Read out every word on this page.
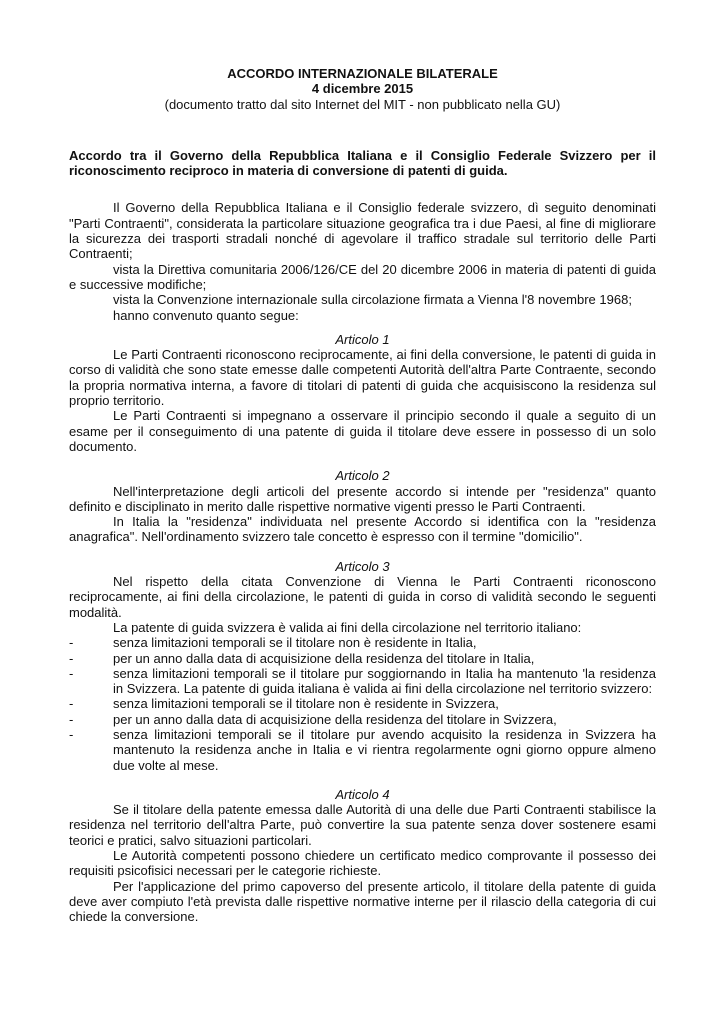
ACCORDO INTERNAZIONALE BILATERALE
4 dicembre 2015
(documento tratto dal sito Internet del MIT - non pubblicato nella GU)

Accordo tra il Governo della Repubblica Italiana e il Consiglio Federale Svizzero per il riconoscimento reciproco in materia di conversione di patenti di guida.

Il Governo della Repubblica Italiana e il Consiglio federale svizzero, dì seguito denominati "Parti Contraenti", considerata la particolare situazione geografica tra i due Paesi, al fine di migliorare la sicurezza dei trasporti stradali nonché di agevolare il traffico stradale sul territorio delle Parti Contraenti;

vista la Direttiva comunitaria 2006/126/CE del 20 dicembre 2006 in materia di patenti di guida e successive modifiche;

vista la Convenzione internazionale sulla circolazione firmata a Vienna l'8 novembre 1968;

hanno convenuto quanto segue:

Articolo 1

Le Parti Contraenti riconoscono reciprocamente, ai fini della conversione, le patenti di guida in corso di validità che sono state emesse dalle competenti Autorità dell'altra Parte Contraente, secondo la propria normativa interna, a favore di titolari di patenti di guida che acquisiscono la residenza sul proprio territorio.

Le Parti Contraenti si impegnano a osservare il principio secondo il quale a seguito di un esame per il conseguimento di una patente di guida il titolare deve essere in possesso di un solo documento.

Articolo 2

Nell'interpretazione degli articoli del presente accordo si intende per "residenza" quanto definito e disciplinato in merito dalle rispettive normative vigenti presso le Parti Contraenti.

In Italia la "residenza" individuata nel presente Accordo si identifica con la "residenza anagrafica". Nell'ordinamento svizzero tale concetto è espresso con il termine "domicilio".

Articolo 3

Nel rispetto della citata Convenzione di Vienna le Parti Contraenti riconoscono reciprocamente, ai fini della circolazione, le patenti di guida in corso di validità secondo le seguenti modalità.

La patente di guida svizzera è valida ai fini della circolazione nel territorio italiano:

-	senza limitazioni temporali se il titolare non è residente in Italia,
-	per un anno dalla data di acquisizione della residenza del titolare in Italia,
-	senza limitazioni temporali se il titolare pur soggiornando in Italia ha mantenuto 'la residenza in Svizzera. La patente di guida italiana è valida ai fini della circolazione nel territorio svizzero:
-	senza limitazioni temporali se il titolare non è residente in Svizzera,
-	per un anno dalla data di acquisizione della residenza del titolare in Svizzera,
-	senza limitazioni temporali se il titolare pur avendo acquisito la residenza in Svizzera ha mantenuto la residenza anche in Italia e vi rientra regolarmente ogni giorno oppure almeno due volte al mese.

Articolo 4

Se il titolare della patente emessa dalle Autorità di una delle due Parti Contraenti stabilisce la residenza nel territorio dell'altra Parte, può convertire la sua patente senza dover sostenere esami teorici e pratici, salvo situazioni particolari.

Le Autorità competenti possono chiedere un certificato medico comprovante il possesso dei requisiti psicofisici necessari per le categorie richieste.

Per l'applicazione del primo capoverso del presente articolo, il titolare della patente di guida deve aver compiuto l'età prevista dalle rispettive normative interne per il rilascio della categoria di cui chiede la conversione.
